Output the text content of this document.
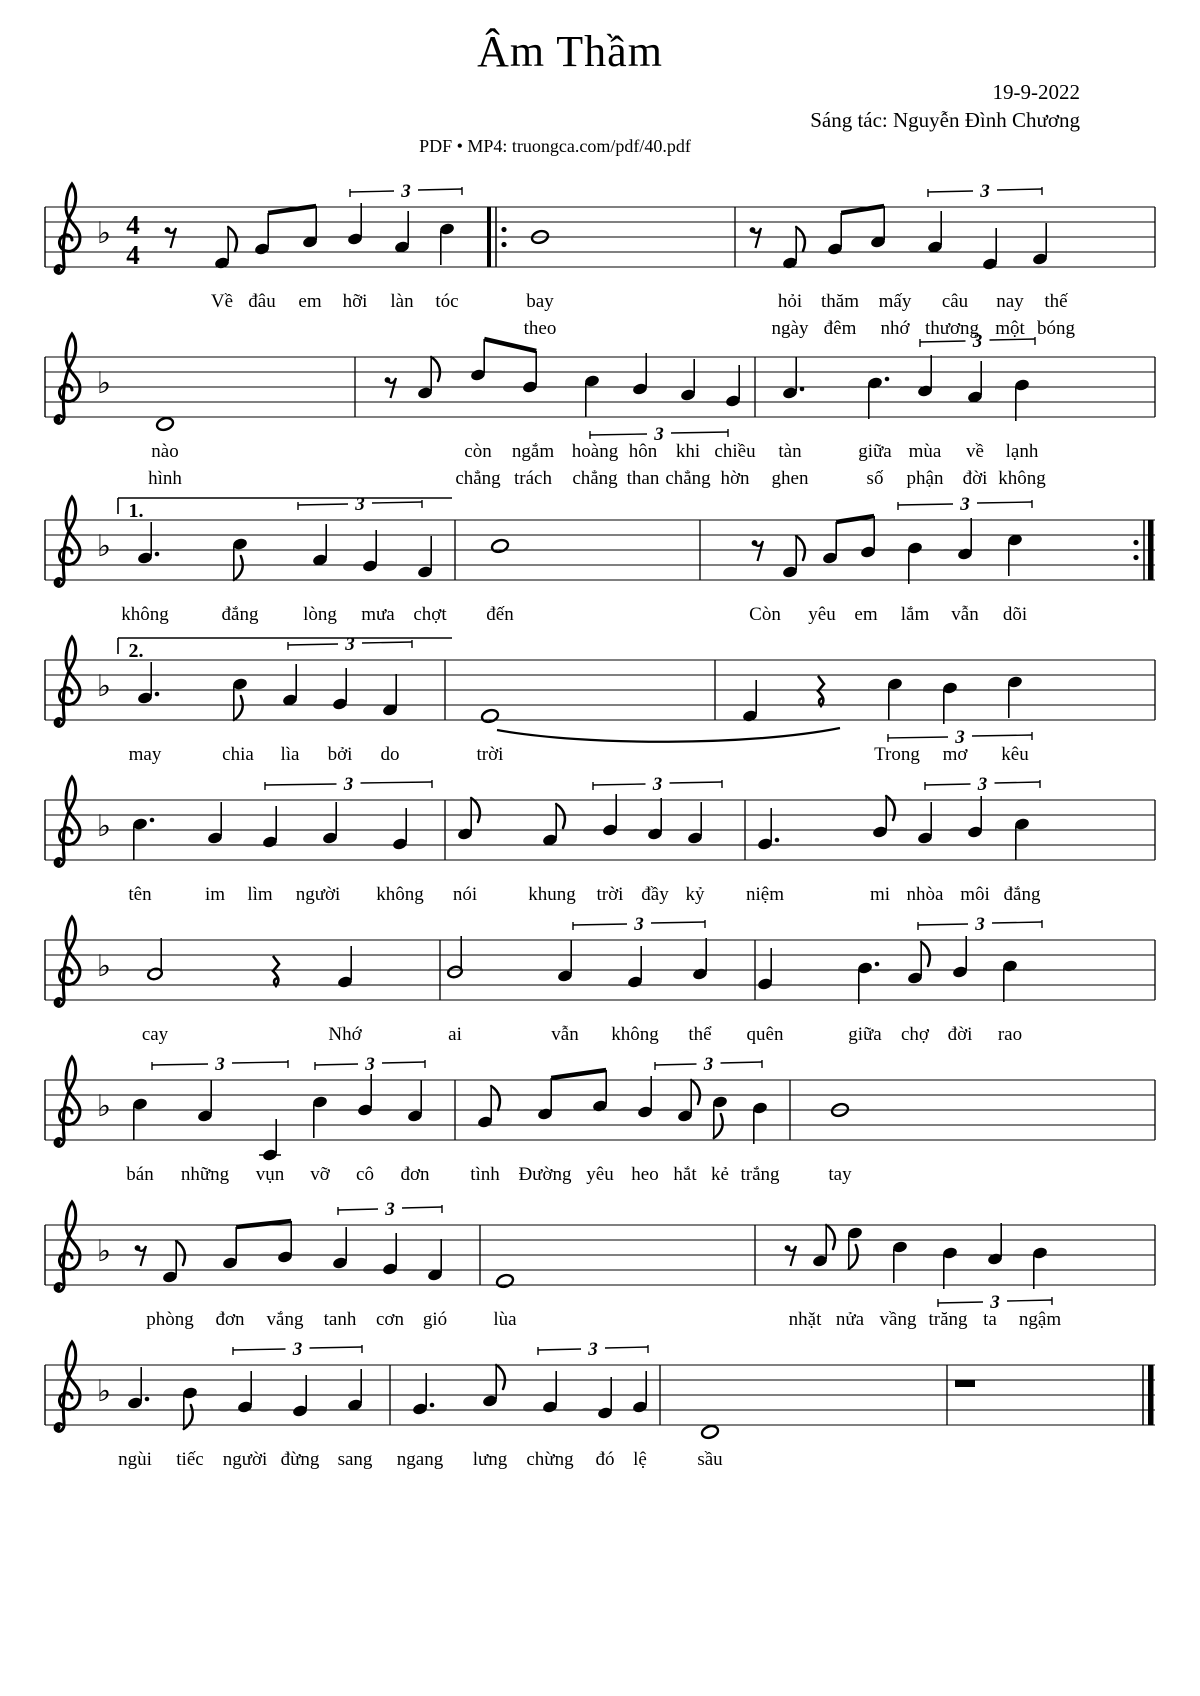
Âm Thầm
19-9-2022
Sáng tác: Nguyễn Đình Chương
PDF • MP4: truongca.com/pdf/40.pdf
♭ 4
4
3	3
Về đâu em hỡi làn tóc	bay
theo
hỏi thăm mấy câu nay thế
ngày đêm nhớ thương một bóng
♭
3
3
nào	còn ngắm hoàng hôn khi chiều tàn	giữa mùa về lạnh
hình	chẳng trách chẳng than chẳng hờn ghen	số phận đời không
♭
3	3
1.
không	đắng lòng mưa chợt đến	Còn yêu em lắm vẫn dõi
♭
3
3
2.
may	chia lìa bởi do	trời	Trong mơ kêu
♭
3	3	3
tên	im lìm người không nói	khung trời đầy kỷ niệm	mi nhòa môi đắng
♭
3	3
cay	Nhớ	ai	vẫn không thể quên	giữa chợ đời rao
♭
3	3	3
bán những vụn vỡ cô đơn tình Đường yêu heo hắt kẻ trắng	tay
♭
3
3
phòng đơn vắng tanh cơn gió lùa	nhặt nửa vầng trăng ta ngậm
♭
3	3
ngùi tiếc người đừng sang ngang lưng chừng đó lệ	sầu
